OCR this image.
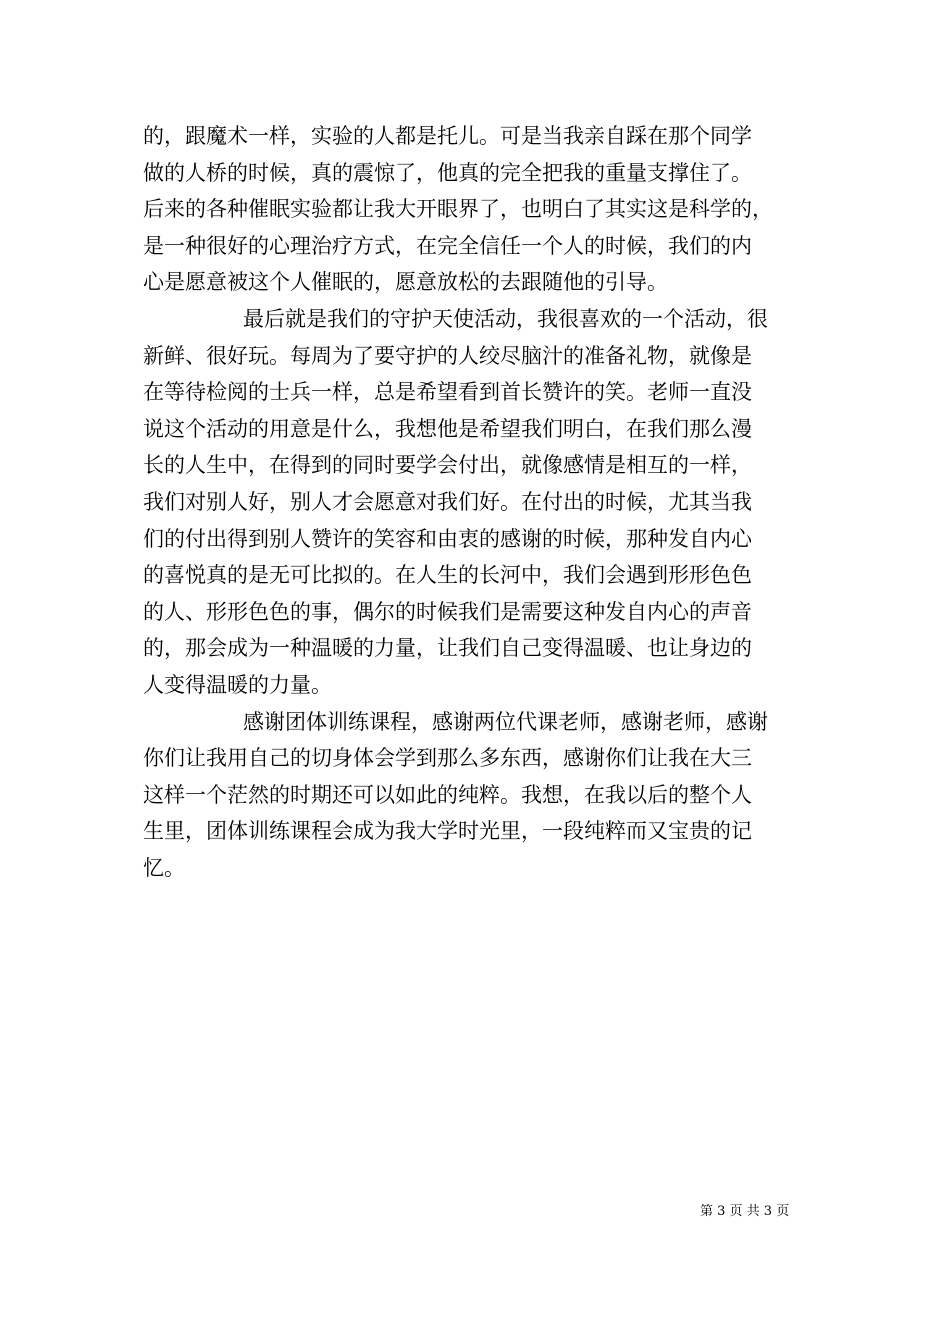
的，跟魔术一样，实验的人都是托儿。可是当我亲自踩在那个同学
做的人桥的时候，真的震惊了，他真的完全把我的重量支撑住了。
后来的各种催眠实验都让我大开眼界了，也明白了其实这是科学的，
是一种很好的心理治疗方式，在完全信任一个人的时候，我们的内
心是愿意被这个人催眠的，愿意放松的去跟随他的引导。
最后就是我们的守护天使活动，我很喜欢的一个活动，很
新鲜、很好玩。每周为了要守护的人绞尽脑汁的准备礼物，就像是
在等待检阅的士兵一样，总是希望看到首长赞许的笑。老师一直没
说这个活动的用意是什么，我想他是希望我们明白，在我们那么漫
长的人生中，在得到的同时要学会付出，就像感情是相互的一样，
我们对别人好，别人才会愿意对我们好。在付出的时候，尤其当我
们的付出得到别人赞许的笑容和由衷的感谢的时候，那种发自内心
的喜悦真的是无可比拟的。在人生的长河中，我们会遇到形形色色
的人、形形色色的事，偶尔的时候我们是需要这种发自内心的声音
的，那会成为一种温暖的力量，让我们自己变得温暖、也让身边的
人变得温暖的力量。
感谢团体训练课程，感谢两位代课老师，感谢老师，感谢
你们让我用自己的切身体会学到那么多东西，感谢你们让我在大三
这样一个茫然的时期还可以如此的纯粹。我想，在我以后的整个人
生里，团体训练课程会成为我大学时光里，一段纯粹而又宝贵的记
忆。
第 3 页 共 3 页
